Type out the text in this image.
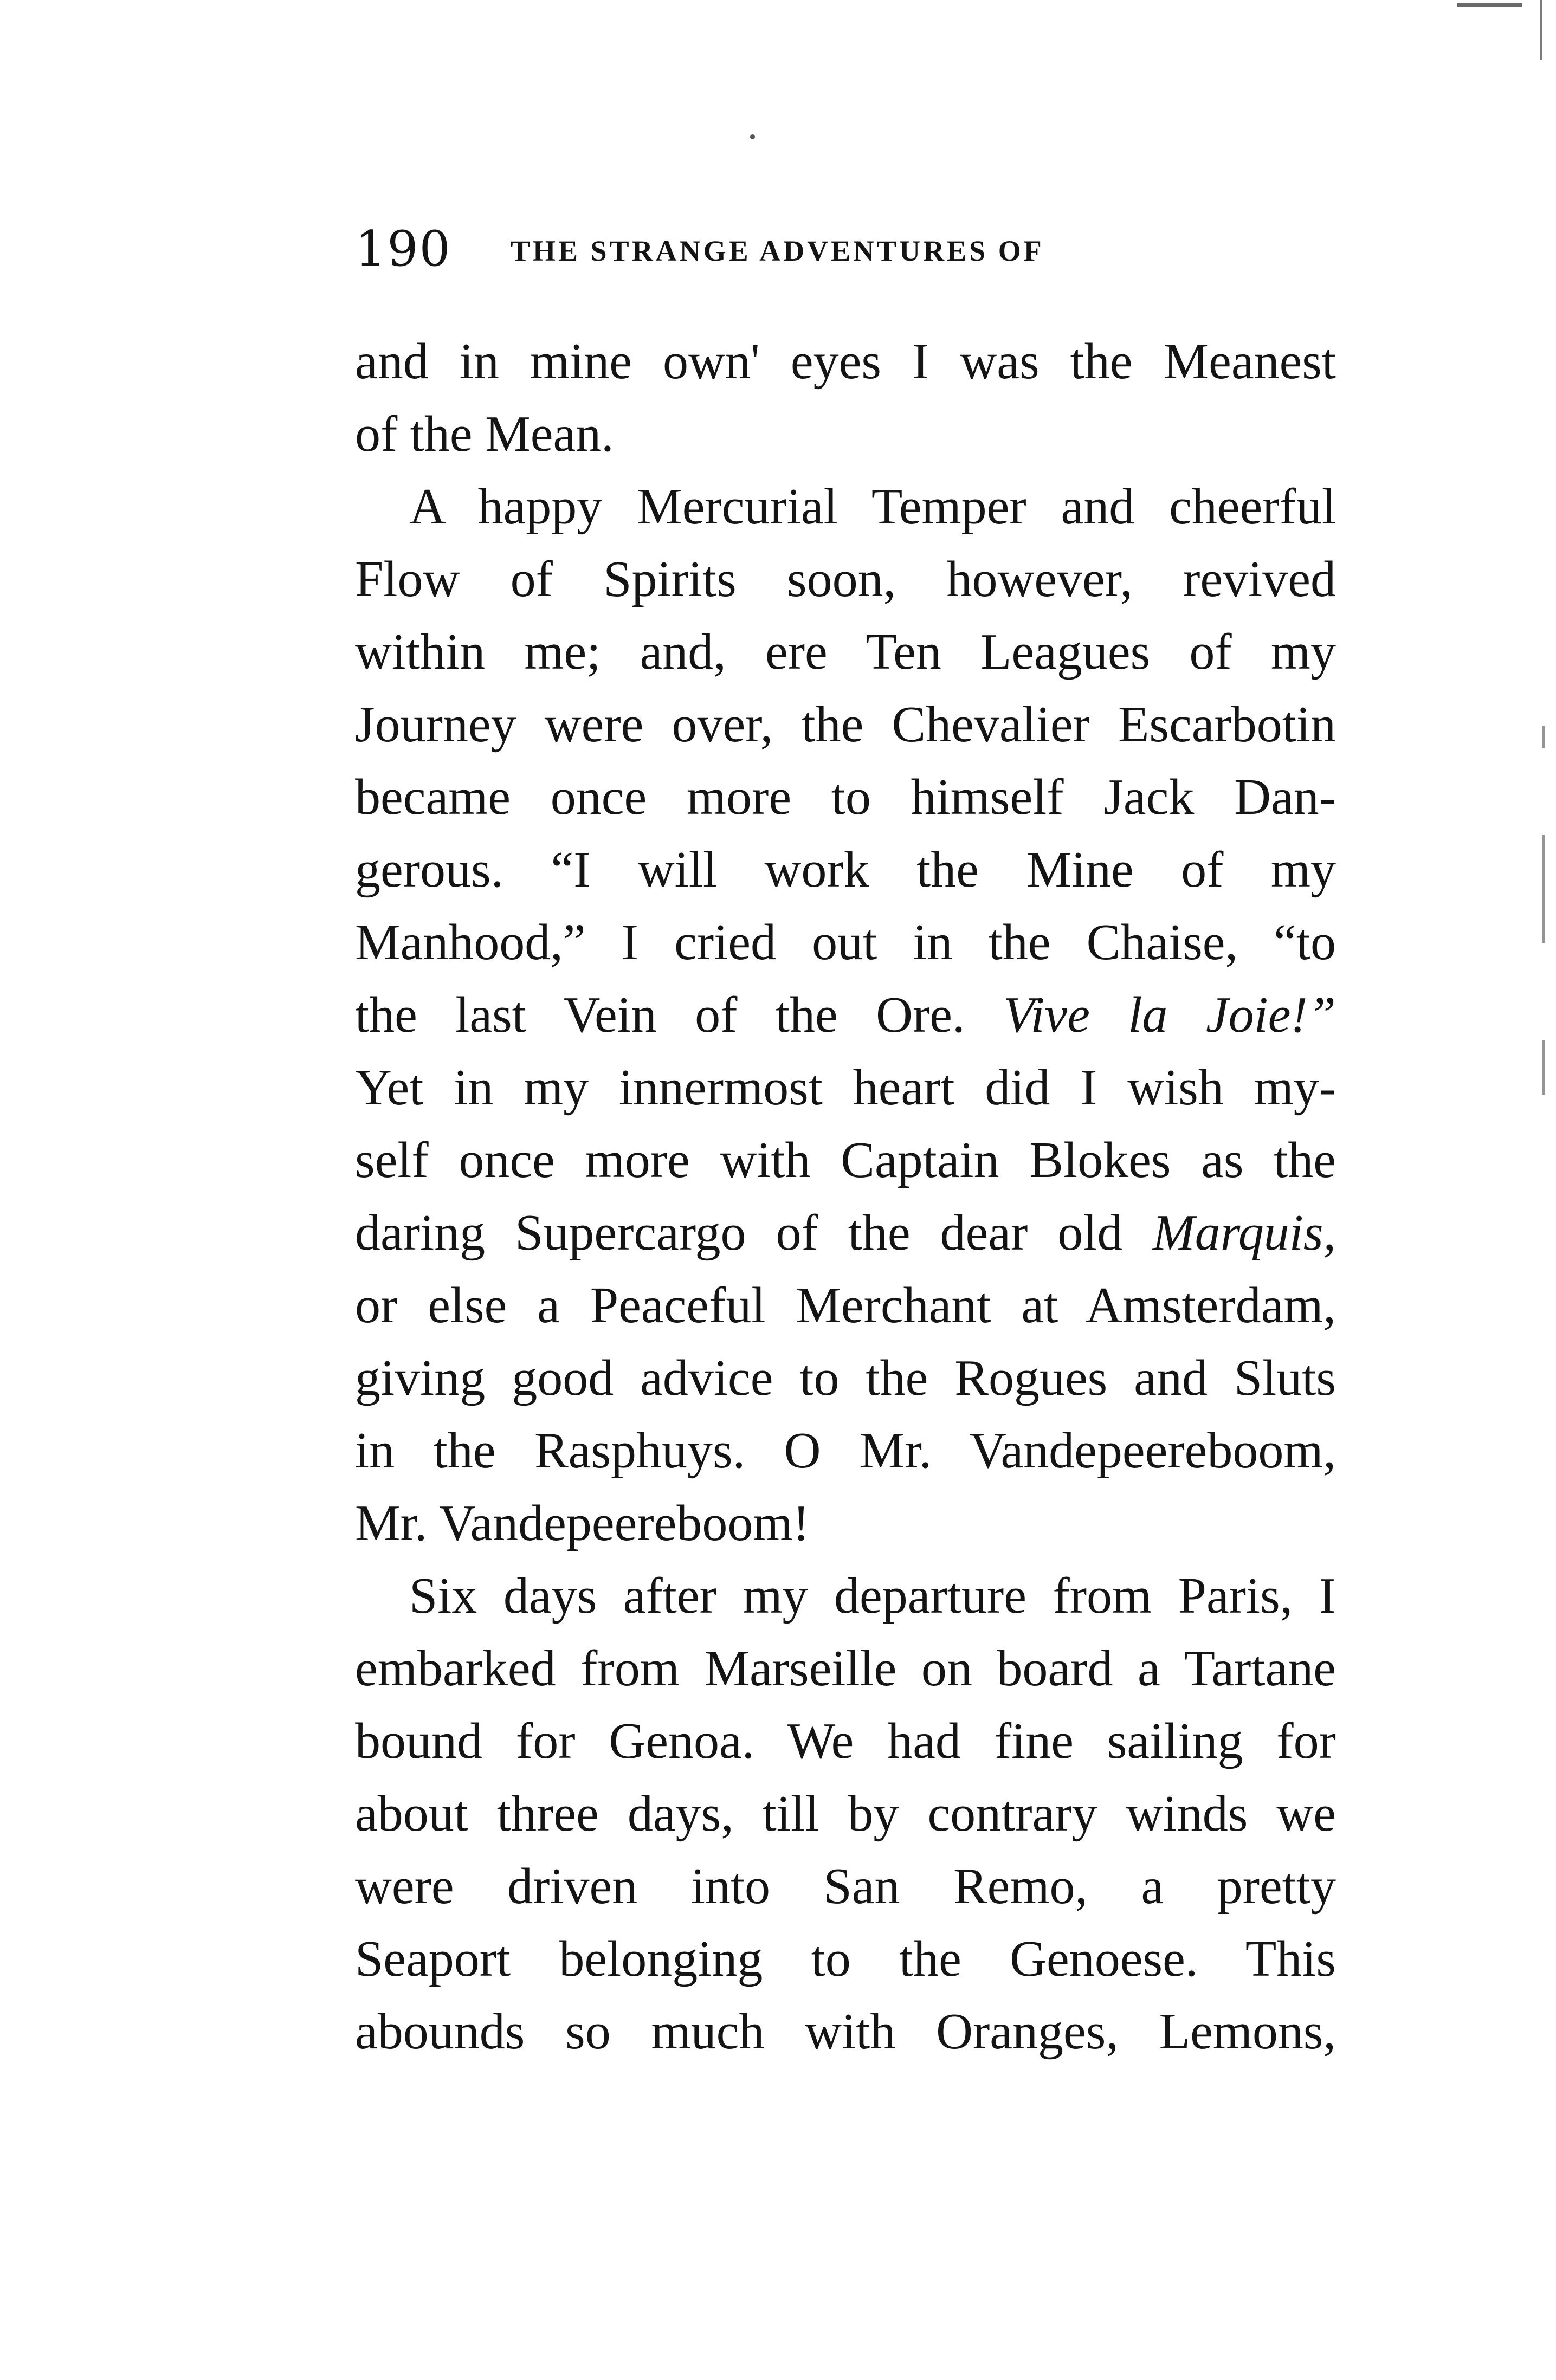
190 THE STRANGE ADVENTURES OF
and in mine own' eyes I was the Meanest
of the Mean.
A happy Mercurial Temper and cheerful
Flow of Spirits soon, however, revived
within me; and, ere Ten Leagues of my
Journey were over, the Chevalier Escarbotin
became once more to himself Jack Dan-
gerous. “I will work the Mine of my
Manhood,” I cried out in the Chaise, “to
the last Vein of the Ore. Vive la Joie!”
Yet in my innermost heart did I wish my-
self once more with Captain Blokes as the
daring Supercargo of the dear old Marquis,
or else a Peaceful Merchant at Amsterdam,
giving good advice to the Rogues and Sluts
in the Rasphuys. O Mr. Vandepeereboom,
Mr. Vandepeereboom!
Six days after my departure from Paris, I
embarked from Marseille on board a Tartane
bound for Genoa. We had fine sailing for
about three days, till by contrary winds we
were driven into San Remo, a pretty
Seaport belonging to the Genoese. This
abounds so much with Oranges, Lemons,
